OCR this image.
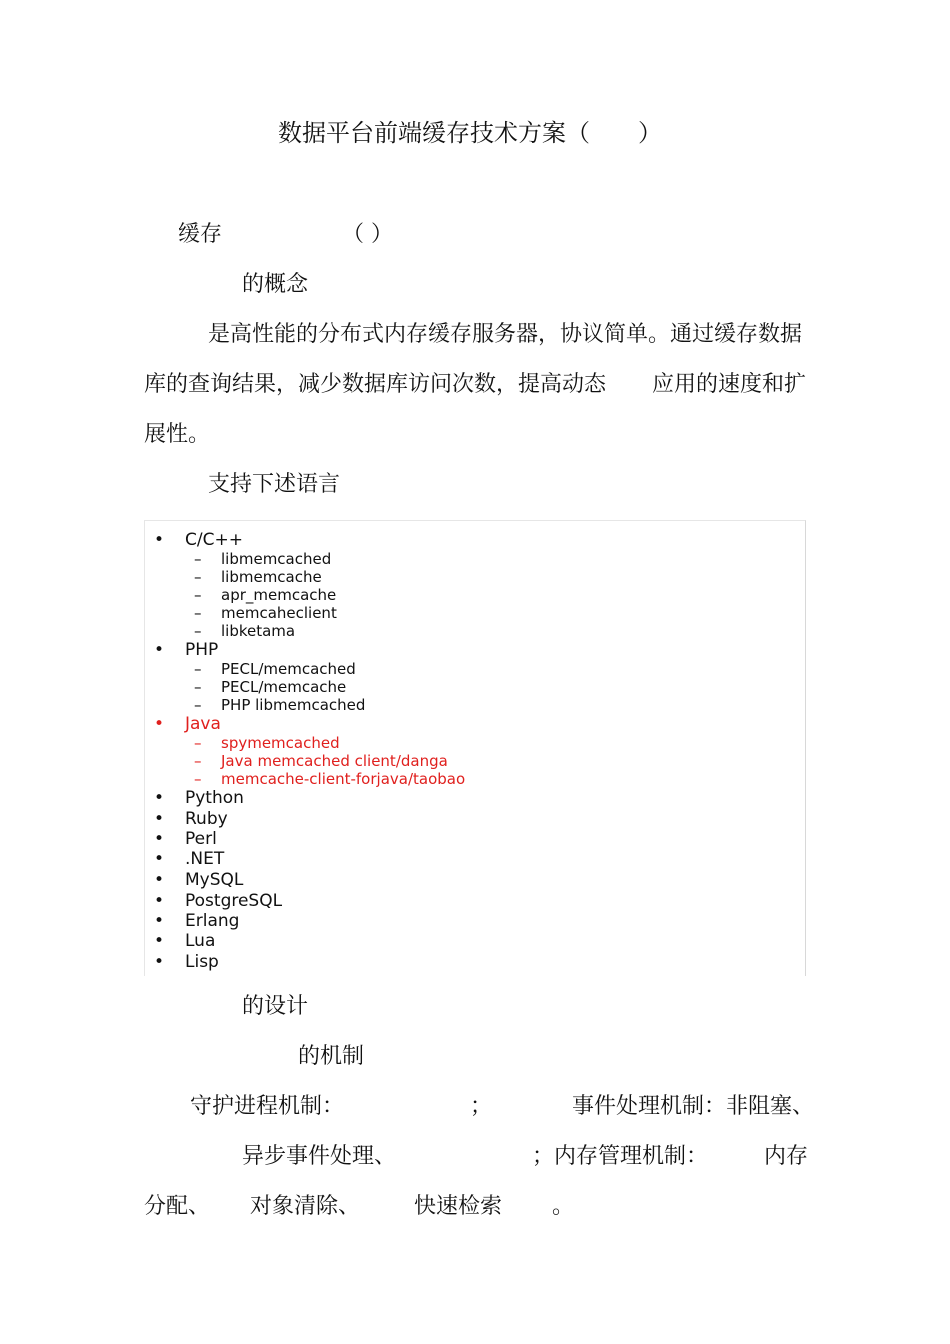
数据平台前端缓存技术方案（　　）
缓存	（ ）
的概念
是高性能的分布式内存缓存服务器，协议简单。通过缓存数据
库的查询结果，减少数据库访问次数，提高动态 应用的速度和扩
展性。
支持下述语言
• C/C++
– libmemcached
– libmemcache
– apr_memcache
– memcaheclient
– libketama
• PHP
– PECL/memcached
– PECL/memcache
– PHP libmemcached
• Java
– spymemcached
– Java memcached client/danga
– memcache-client-forjava/taobao
• Python
• Ruby
• Perl
• .NET
• MySQL
• PostgreSQL
• Erlang
• Lua
• Lisp
的设计
的机制
守护进程机制：	；	事件处理机制：非阻塞、
异步事件处理、	；内存管理机制：	内存
分配、 对象清除、 快速检索 。
